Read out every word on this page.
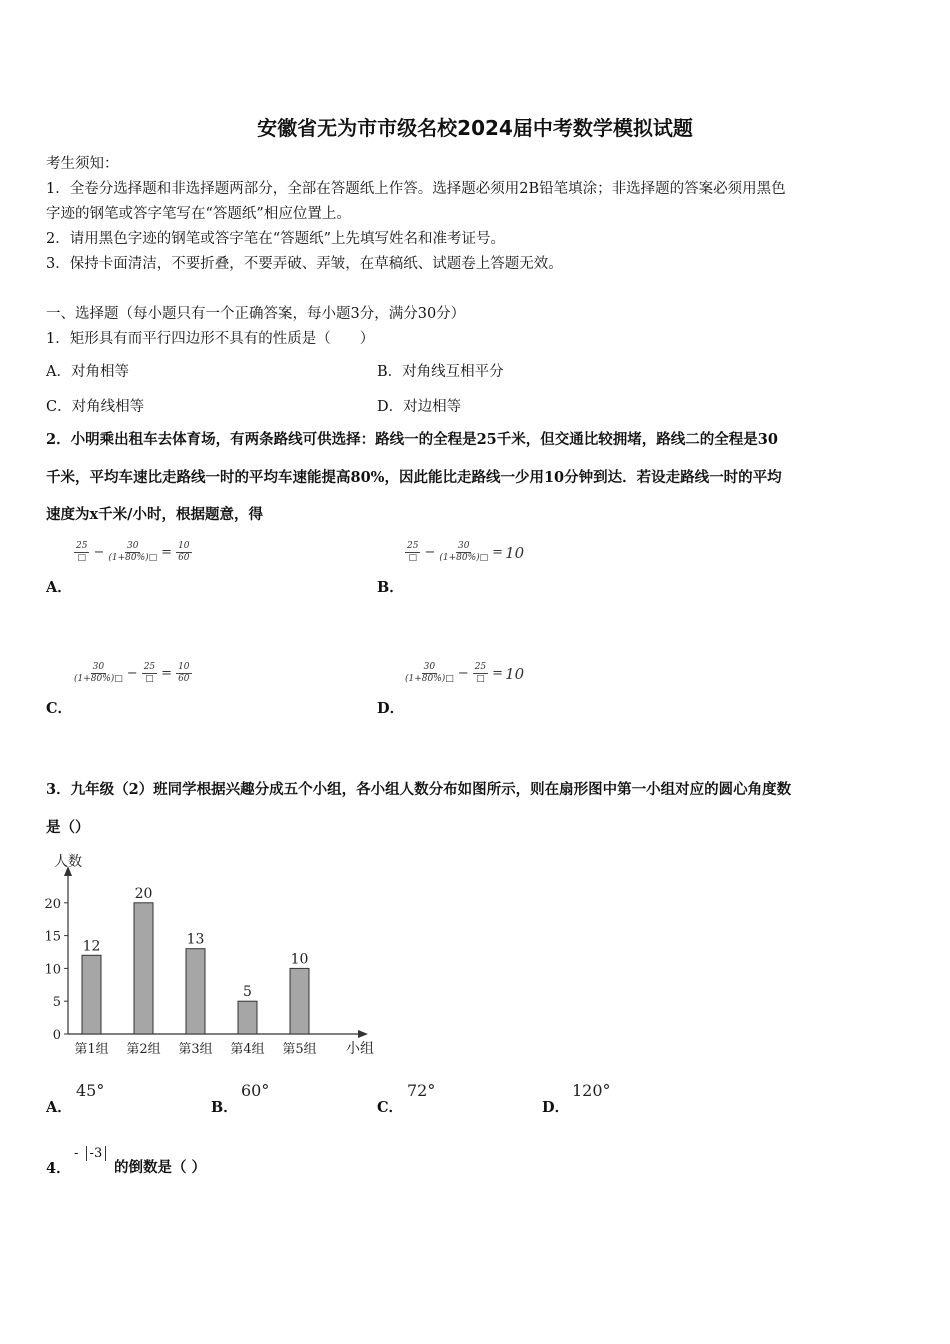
安徽省无为市市级名校2024届中考数学模拟试题
考生须知：
1．全卷分选择题和非选择题两部分，全部在答题纸上作答。选择题必须用2B铅笔填涂；非选择题的答案必须用黑色
字迹的钢笔或答字笔写在“答题纸”相应位置上。
2．请用黑色字迹的钢笔或答字笔在“答题纸”上先填写姓名和准考证号。
3．保持卡面清洁，不要折叠，不要弄破、弄皱，在草稿纸、试题卷上答题无效。
一、选择题（每小题只有一个正确答案，每小题3分，满分30分）
1．矩形具有而平行四边形不具有的性质是（　　）
A．对角相等	B．对角线互相平分
C．对角线相等	D．对边相等
2．小明乘出租车去体育场，有两条路线可供选择：路线一的全程是25千米，但交通比较拥堵，路线二的全程是30
千米，平均车速比走路线一时的平均车速能提高80%，因此能比走路线一少用10分钟到达．若设走路线一时的平均
速度为x千米/小时，根据题意，得
25
□ − $\frac{30}{(1+80\%)□} = \frac{10}{60}$
A．
25
□ − $\frac{30}{(1+80\%)□} = 10$
B．
30
(1+80%)□ − 25
□ = $\frac{10}{60}$
C．
30
(1+80%)□ − 25
□ = 10
D．
3．九年级（2）班同学根据兴趣分成五个小组，各小组人数分布如图所示，则在扇形图中第一小组对应的圆心角度数
是（）
人数
小组
0
5
10
15
20
12
第1组
20
第2组
13
第3组
5
第4组
10
第5组
A．
45°
B．
60°
C．
72°
D．
120°
4．
- -3
的倒数是（ ）
